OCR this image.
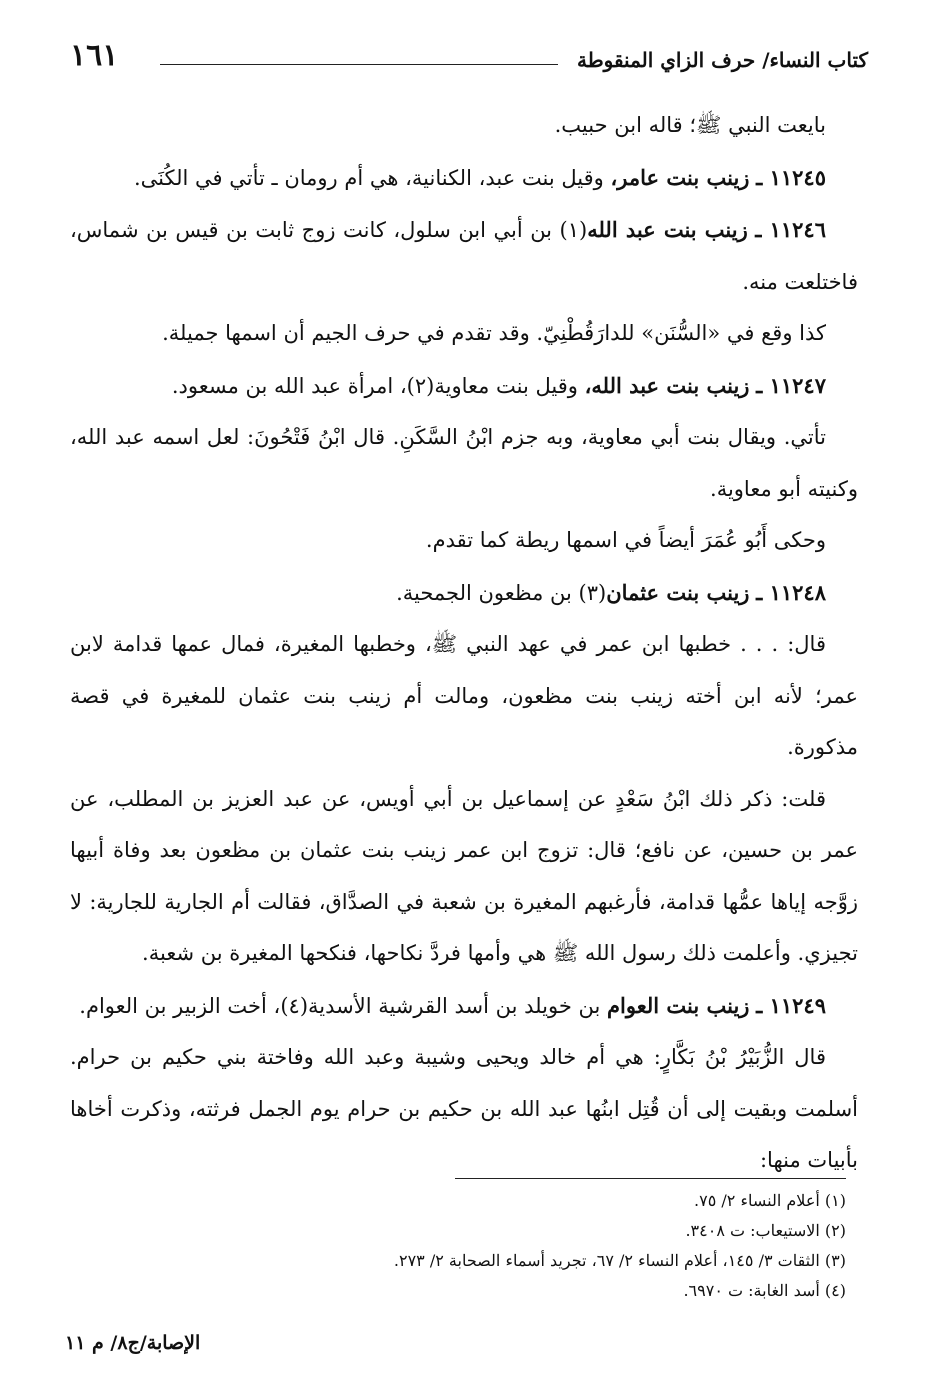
كتاب النساء/ حرف الزاي المنقوطة
١٦١

بايعت النبي ﷺ؛ قاله ابن حبيب.

١١٢٤٥ ـ زينب بنت عامر، وقيل بنت عبد، الكنانية، هي أم رومان ـ تأتي في الكُنَى.

١١٢٤٦ ـ زينب بنت عبد الله(١) بن أبي ابن سلول، كانت زوج ثابت بن قيس بن شماس، فاختلعت منه.

كذا وقع في «السُّنَن» للدارَقُطْنِيّ. وقد تقدم في حرف الجيم أن اسمها جميلة.

١١٢٤٧ ـ زينب بنت عبد الله، وقيل بنت معاوية(٢)، امرأة عبد الله بن مسعود.

تأتي. ويقال بنت أبي معاوية، وبه جزم ابْنُ السَّكَنِ. قال ابْنُ فَتْحُونَ: لعل اسمه عبد الله، وكنيته أبو معاوية.

وحكى أَبُو عُمَرَ أيضاً في اسمها ريطة كما تقدم.

١١٢٤٨ ـ زينب بنت عثمان(٣) بن مظعون الجمحية.

قال: . . . خطبها ابن عمر في عهد النبي ﷺ، وخطبها المغيرة، فمال عمها قدامة لابن عمر؛ لأنه ابن أخته زينب بنت مظعون، ومالت أم زينب بنت عثمان للمغيرة في قصة مذكورة.

قلت: ذكر ذلك ابْنُ سَعْدٍ عن إسماعيل بن أبي أويس، عن عبد العزيز بن المطلب، عن عمر بن حسين، عن نافع؛ قال: تزوج ابن عمر زينب بنت عثمان بن مظعون بعد وفاة أبيها زوَّجه إياها عمُّها قدامة، فأرغبهم المغيرة بن شعبة في الصدَّاق، فقالت أم الجارية للجارية: لا تجيزي. وأعلمت ذلك رسول الله ﷺ هي وأمها فردَّ نكاحها، فنكحها المغيرة بن شعبة.

١١٢٤٩ ـ زينب بنت العوام بن خويلد بن أسد القرشية الأسدية(٤)، أخت الزبير بن العوام.

قال الزُّبَيْرُ بْنُ بَكَّارٍ: هي أم خالد ويحيى وشيبة وعبد الله وفاختة بني حكيم بن حرام. أسلمت وبقيت إلى أن قُتِل ابنُها عبد الله بن حكيم بن حرام يوم الجمل فرثته، وذكرت أخاها بأبيات منها:

(١) أعلام النساء ٢/ ٧٥.
(٢) الاستيعاب: ت ٣٤٠٨.
(٣) الثقات ٣/ ١٤٥، أعلام النساء ٢/ ٦٧، تجريد أسماء الصحابة ٢/ ٢٧٣.
(٤) أسد الغابة: ت ٦٩٧٠.
الإصابة/ج٨/ م ١١
